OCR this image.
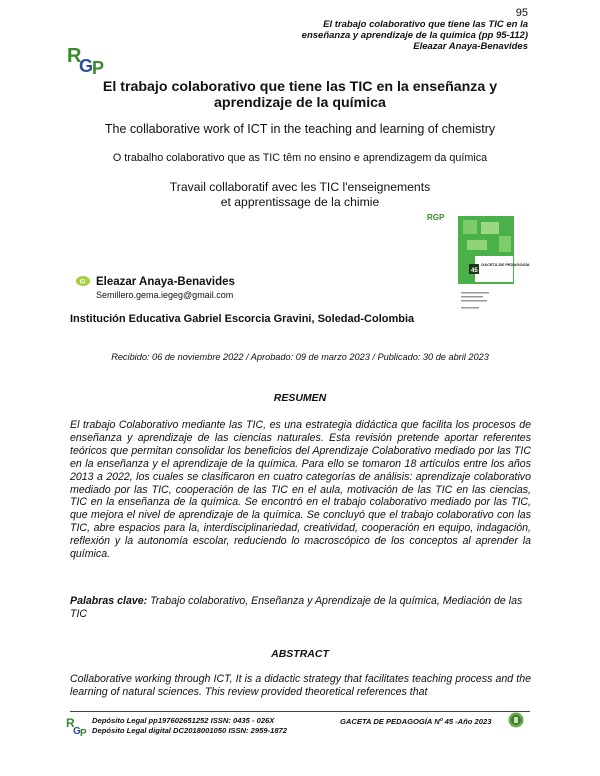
95
El trabajo colaborativo que tiene las TIC en la
enseñanza y aprendizaje de la química (pp 95-112)
Eleazar Anaya-Benavides
R
G
P
El trabajo colaborativo que tiene las TIC en la enseñanza y
aprendizaje de la química
The collaborative work of ICT in the teaching and learning of chemistry
O trabalho colaborativo que as TIC têm no ensino e aprendizagem da química
Travail collaboratif avec les TIC l'enseignements
et apprentissage de la chimie
RGP
45
GACETA DE PEDAGOGÍA
iD Eleazar Anaya-Benavides
Semillero.gema.iegeg@gmail.com
Institución Educativa Gabriel Escorcia Gravini, Soledad-Colombia
Recibido: 06 de noviembre 2022 / Aprobado: 09 de marzo 2023 / Publicado: 30 de abril 2023
RESUMEN
El trabajo Colaborativo mediante las TIC, es una estrategia didáctica que facilita los procesos de enseñanza y aprendizaje de las ciencias naturales. Esta revisión pretende aportar referentes teóricos que permitan consolidar los beneficios del Aprendizaje Colaborativo mediado por las TIC en la enseñanza y el aprendizaje de la química. Para ello se tomaron 18 artículos entre los años 2013 a 2022, los cuales se clasificaron en cuatro categorías de análisis: aprendizaje colaborativo mediado por las TIC, cooperación de las TIC en el aula, motivación de las TIC en las ciencias, TIC en la enseñanza de la química. Se encontró en el trabajo colaborativo mediado por las TIC, que mejora el nivel de aprendizaje de la química. Se concluyó que el trabajo colaborativo con las TIC, abre espacios para la, interdisciplinariedad, creatividad, cooperación en equipo, indagación, reflexión y la autonomía escolar, reduciendo lo macroscópico de los conceptos al aprender la química.
Palabras clave: Trabajo colaborativo, Enseñanza y Aprendizaje de la química, Mediación de las TIC
ABSTRACT
Collaborative working through ICT, It is a didactic strategy that facilitates teaching process and the learning of natural sciences. This review provided theoretical references that
R
G P
Depósito Legal pp197602651252 ISSN: 0435 - 026X
Depósito Legal digital DC2018001050 ISSN: 2959-1872
GACETA DE PEDAGOGÍA Nº 45 -Año 2023
